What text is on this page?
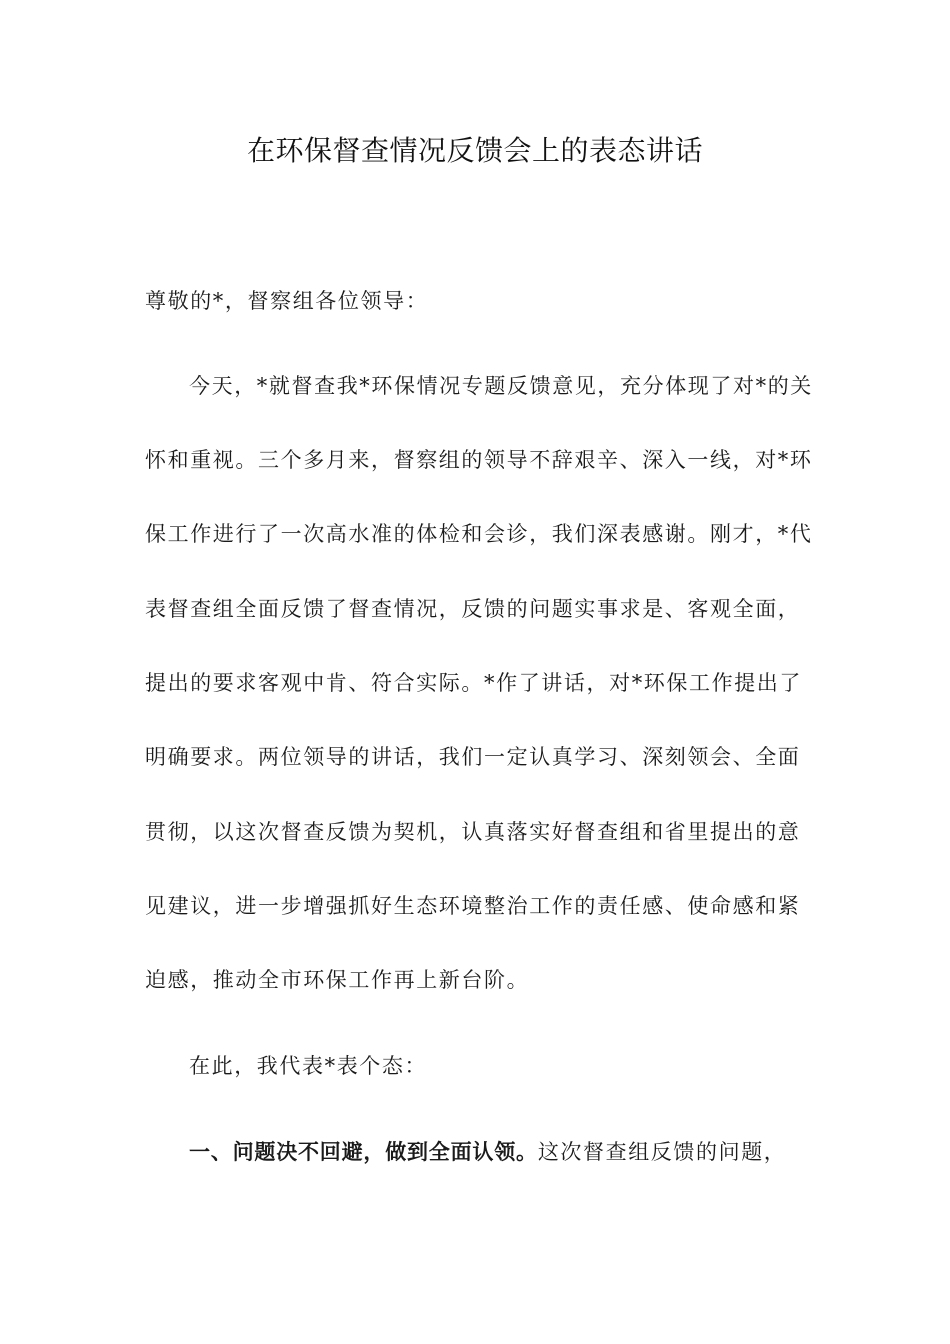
在环保督查情况反馈会上的表态讲话
尊敬的*，督察组各位领导：
今天，*就督查我*环保情况专题反馈意见，充分体现了对*的关
怀和重视。三个多月来，督察组的领导不辞艰辛、深入一线，对*环
保工作进行了一次高水准的体检和会诊，我们深表感谢。刚才，*代
表督查组全面反馈了督查情况，反馈的问题实事求是、客观全面，
提出的要求客观中肯、符合实际。*作了讲话，对*环保工作提出了
明确要求。两位领导的讲话，我们一定认真学习、深刻领会、全面
贯彻，以这次督查反馈为契机，认真落实好督查组和省里提出的意
见建议，进一步增强抓好生态环境整治工作的责任感、使命感和紧
迫感，推动全市环保工作再上新台阶。
在此，我代表*表个态：
一、问题决不回避，做到全面认领。这次督查组反馈的问题，
